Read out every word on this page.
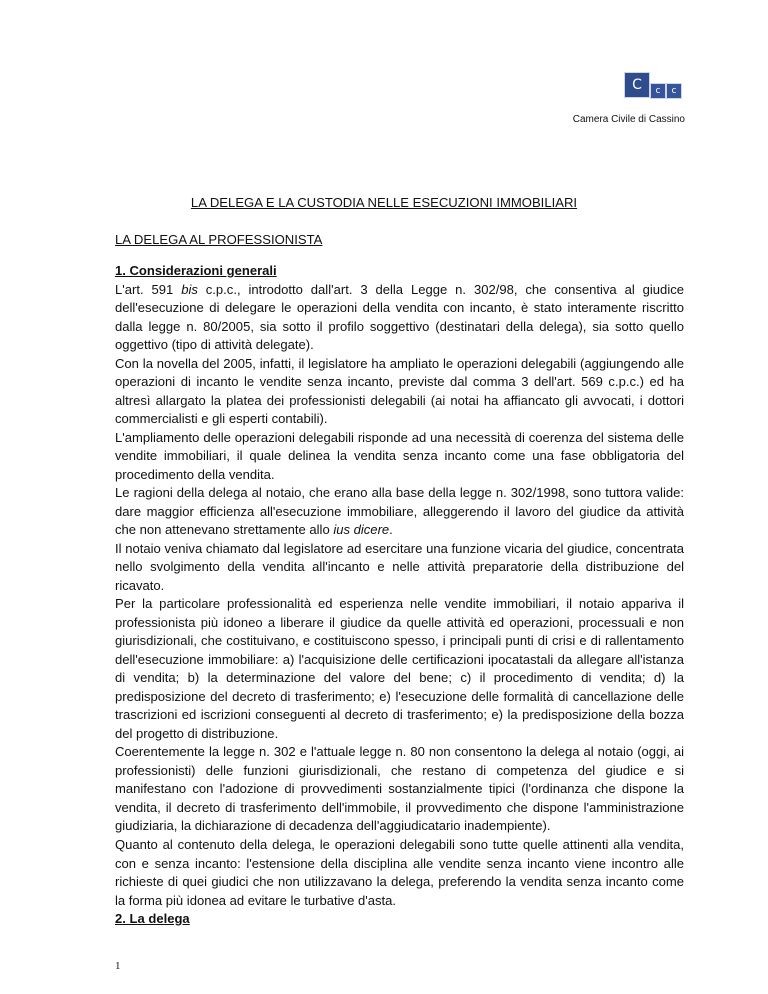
C	c	c
Camera Civile di Cassino
LA DELEGA E LA CUSTODIA NELLE ESECUZIONI IMMOBILIARI
LA DELEGA AL PROFESSIONISTA
1. Considerazioni generali

L'art. 591 bis c.p.c., introdotto dall'art. 3 della Legge n. 302/98, che consentiva al giudice dell'esecuzione di delegare le operazioni della vendita con incanto, è stato interamente riscritto dalla legge n. 80/2005, sia sotto il profilo soggettivo (destinatari della delega), sia sotto quello oggettivo (tipo di attività delegate).

Con la novella del 2005, infatti, il legislatore ha ampliato le operazioni delegabili (aggiungendo alle operazioni di incanto le vendite senza incanto, previste dal comma 3 dell'art. 569 c.p.c.) ed ha altresì allargato la platea dei professionisti delegabili (ai notai ha affiancato gli avvocati, i dottori commercialisti e gli esperti contabili).

L'ampliamento delle operazioni delegabili risponde ad una necessità di coerenza del sistema delle vendite immobiliari, il quale delinea la vendita senza incanto come una fase obbligatoria del procedimento della vendita.

Le ragioni della delega al notaio, che erano alla base della legge n. 302/1998, sono tuttora valide: dare maggior efficienza all'esecuzione immobiliare, alleggerendo il lavoro del giudice da attività che non attenevano strettamente allo ius dicere.

Il notaio veniva chiamato dal legislatore ad esercitare una funzione vicaria del giudice, concentrata nello svolgimento della vendita all'incanto e nelle attività preparatorie della distribuzione del ricavato.

Per la particolare professionalità ed esperienza nelle vendite immobiliari, il notaio appariva il professionista più idoneo a liberare il giudice da quelle attività ed operazioni, processuali e non giurisdizionali, che costituivano, e costituiscono spesso, i principali punti di crisi e di rallentamento dell'esecuzione immobiliare: a) l'acquisizione delle certificazioni ipocatastali da allegare all'istanza di vendita; b) la determinazione del valore del bene; c) il procedimento di vendita; d) la predisposizione del decreto di trasferimento; e) l'esecuzione delle formalità di cancellazione delle trascrizioni ed iscrizioni conseguenti al decreto di trasferimento; e) la predisposizione della bozza del progetto di distribuzione.

Coerentemente la legge n. 302 e l'attuale legge n. 80 non consentono la delega al notaio (oggi, ai professionisti) delle funzioni giurisdizionali, che restano di competenza del giudice e si manifestano con l'adozione di provvedimenti sostanzialmente tipici (l'ordinanza che dispone la vendita, il decreto di trasferimento dell'immobile, il provvedimento che dispone l'amministrazione giudiziaria, la dichiarazione di decadenza dell'aggiudicatario inadempiente).

Quanto al contenuto della delega, le operazioni delegabili sono tutte quelle attinenti alla vendita, con e senza incanto: l'estensione della disciplina alle vendite senza incanto viene incontro alle richieste di quei giudici che non utilizzavano la delega, preferendo la vendita senza incanto come la forma più idonea ad evitare le turbative d'asta.

2. La delega
1
